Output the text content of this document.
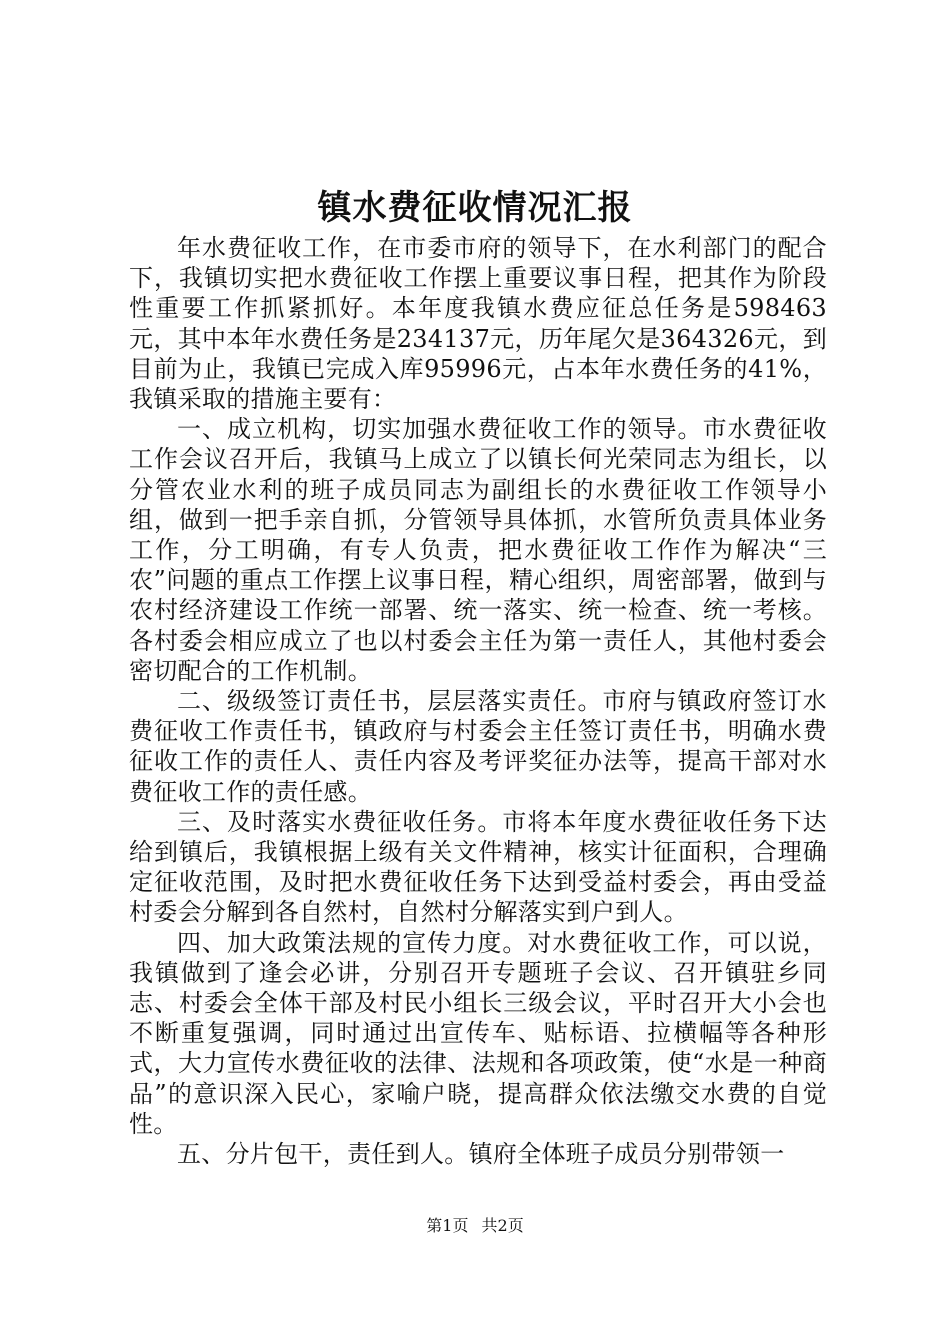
镇水费征收情况汇报

年水费征收工作，在市委市府的领导下，在水利部门的配合下，我镇切实把水费征收工作摆上重要议事日程，把其作为阶段性重要工作抓紧抓好。本年度我镇水费应征总任务是598463元，其中本年水费任务是234137元，历年尾欠是364326元，到目前为止，我镇已完成入库95996元，占本年水费任务的41%，我镇采取的措施主要有：

一、成立机构，切实加强水费征收工作的领导。市水费征收工作会议召开后，我镇马上成立了以镇长何光荣同志为组长，以分管农业水利的班子成员同志为副组长的水费征收工作领导小组，做到一把手亲自抓，分管领导具体抓，水管所负责具体业务工作，分工明确，有专人负责，把水费征收工作作为解决“三农”问题的重点工作摆上议事日程，精心组织，周密部署，做到与农村经济建设工作统一部署、统一落实、统一检查、统一考核。各村委会相应成立了也以村委会主任为第一责任人，其他村委会密切配合的工作机制。

二、级级签订责任书，层层落实责任。市府与镇政府签订水费征收工作责任书，镇政府与村委会主任签订责任书，明确水费征收工作的责任人、责任内容及考评奖征办法等，提高干部对水费征收工作的责任感。

三、及时落实水费征收任务。市将本年度水费征收任务下达给到镇后，我镇根据上级有关文件精神，核实计征面积，合理确定征收范围，及时把水费征收任务下达到受益村委会，再由受益村委会分解到各自然村，自然村分解落实到户到人。

四、加大政策法规的宣传力度。对水费征收工作，可以说，我镇做到了逢会必讲，分别召开专题班子会议、召开镇驻乡同志、村委会全体干部及村民小组长三级会议，平时召开大小会也不断重复强调，同时通过出宣传车、贴标语、拉横幅等各种形式，大力宣传水费征收的法律、法规和各项政策，使“水是一种商品”的意识深入民心，家喻户晓，提高群众依法缴交水费的自觉性。

五、分片包干，责任到人。镇府全体班子成员分别带领一

第1页 共2页
